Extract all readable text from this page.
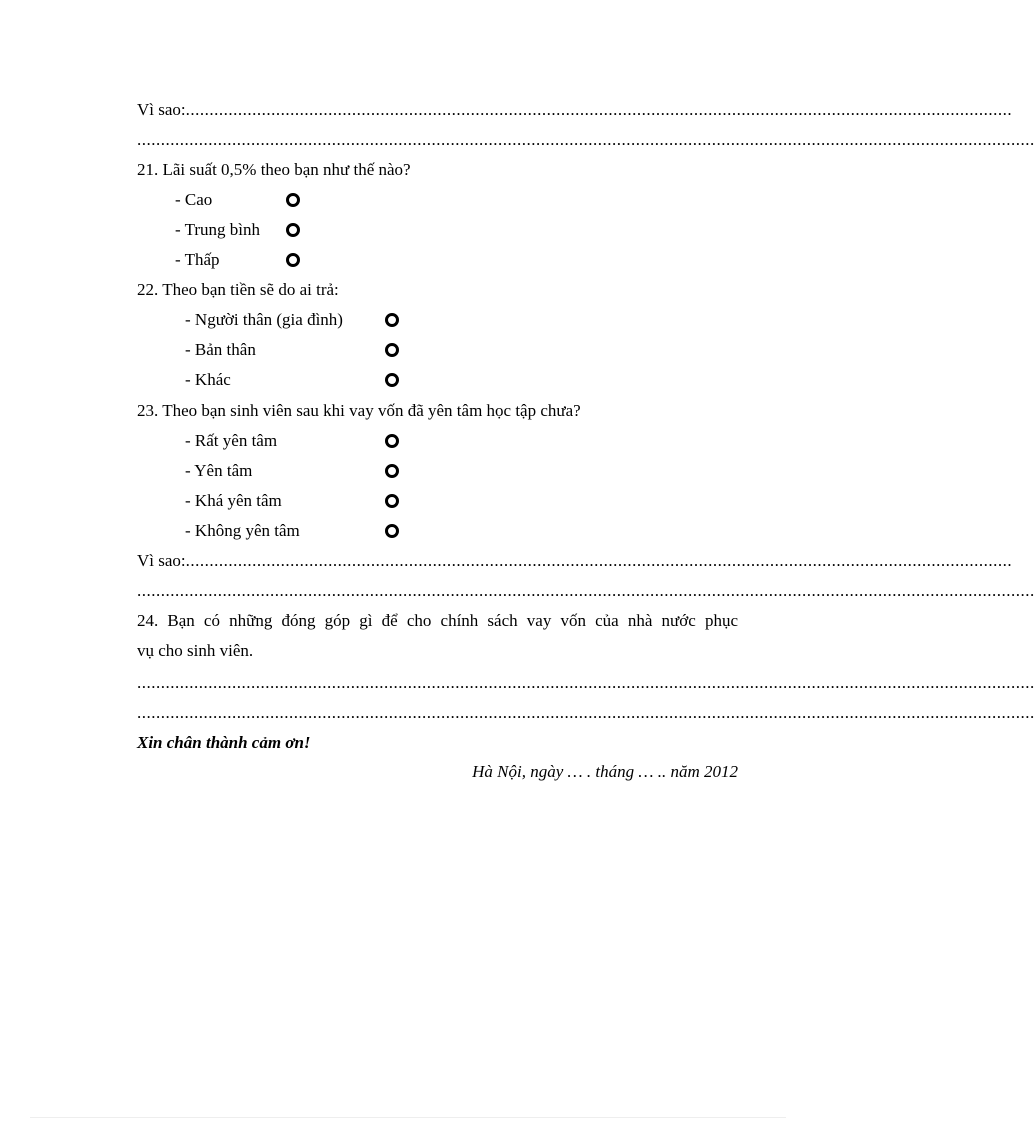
Vì sao:..............................................................................................................................................................................
.............................................................................................................................................................................................
21. Lãi suất 0,5% theo bạn như thế nào?
- Cao
- Trung bình
- Thấp
22. Theo bạn tiền sẽ do ai trả:
- Người thân (gia đình)
- Bản thân
- Khác
23. Theo bạn sinh viên sau khi vay vốn đã yên tâm học tập chưa?
- Rất yên tâm
- Yên tâm
- Khá yên tâm
- Không yên tâm
Vì sao:..............................................................................................................................................................................
.............................................................................................................................................................................................
24. Bạn có những đóng góp gì để cho chính sách vay vốn của nhà nước phục
vụ cho sinh viên.
.............................................................................................................................................................................................
.............................................................................................................................................................................................
Xin chân thành cảm ơn!
Hà Nội, ngày … . tháng … .. năm 2012
